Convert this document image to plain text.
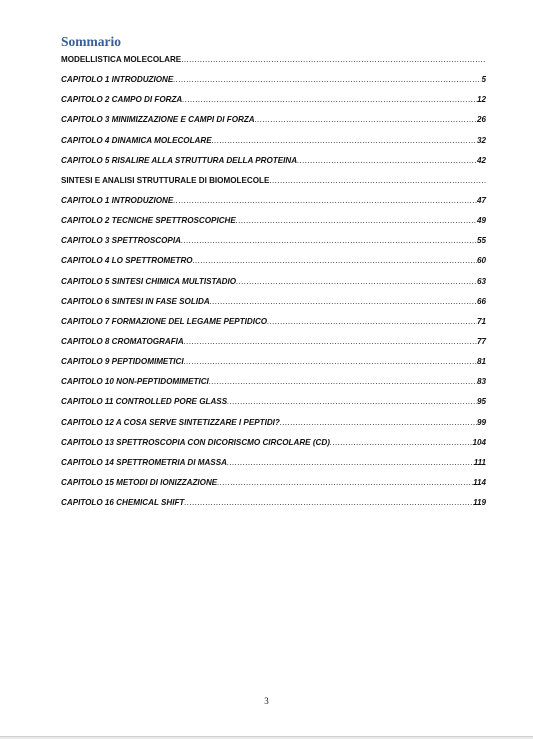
Sommario
MODELLISTICA MOLECOLARE
.....
CAPITOLO 1 INTRODUZIONE .....	5
CAPITOLO 2 CAMPO DI FORZA .....	12
CAPITOLO 3 MINIMIZZAZIONE E CAMPI DI FORZA .....	26
CAPITOLO 4 DINAMICA MOLECOLARE .....	32
CAPITOLO 5 RISALIRE ALLA STRUTTURA DELLA PROTEINA .....	42
SINTESI E ANALISI STRUTTURALE DI BIOMOLECOLE
.....
CAPITOLO 1 INTRODUZIONE .....	47
CAPITOLO 2 TECNICHE SPETTROSCOPICHE .....	49
CAPITOLO 3 SPETTROSCOPIA .....	55
CAPITOLO 4 LO SPETTROMETRO .....	60
CAPITOLO 5 SINTESI CHIMICA MULTISTADIO .....	63
CAPITOLO 6 SINTESI IN FASE SOLIDA .....	66
CAPITOLO 7 FORMAZIONE DEL LEGAME PEPTIDICO .....	71
CAPITOLO 8 CROMATOGRAFIA .....	77
CAPITOLO 9 PEPTIDOMIMETICI .....	81
CAPITOLO 10 NON-PEPTIDOMIMETICI .....	83
CAPITOLO 11 CONTROLLED PORE GLASS .....	95
CAPITOLO 12 A COSA SERVE SINTETIZZARE I PEPTIDI? .....	99
CAPITOLO 13 SPETTROSCOPIA CON DICORISCMO CIRCOLARE (CD) .....	104
CAPITOLO 14 SPETTROMETRIA DI MASSA .....	111
CAPITOLO 15 METODI DI IONIZZAZIONE .....	114
CAPITOLO 16 CHEMICAL SHIFT .....	119
3
